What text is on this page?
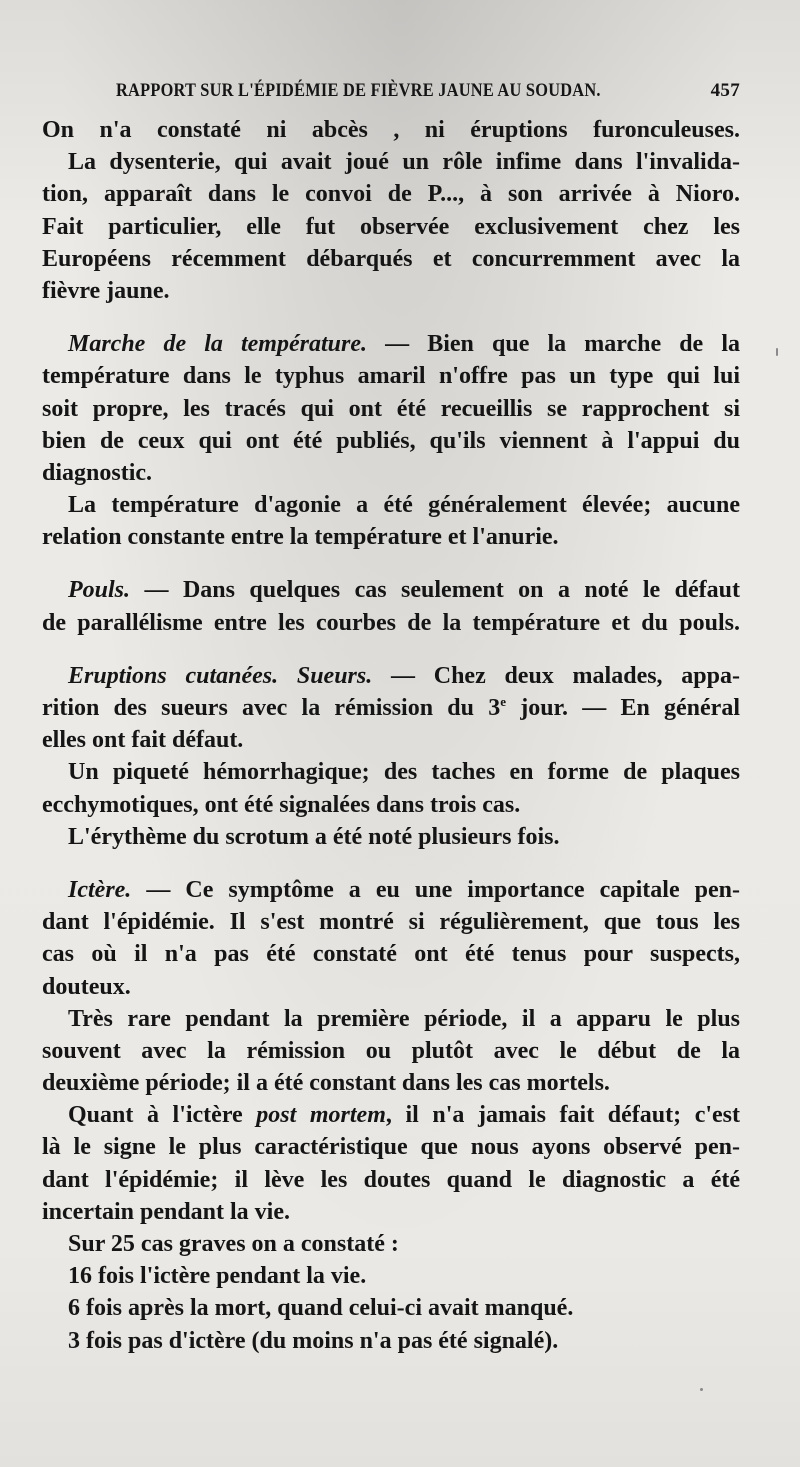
RAPPORT SUR L'ÉPIDÉMIE DE FIÈVRE JAUNE AU SOUDAN.	457
On n'a constaté ni abcès , ni éruptions furonculeuses.
La dysenterie, qui avait joué un rôle infime dans l'invalida-
tion, apparaît dans le convoi de P..., à son arrivée à Nioro.
Fait particulier, elle fut observée exclusivement chez les
Européens récemment débarqués et concurremment avec la
fièvre jaune.
Marche de la température. — Bien que la marche de la
température dans le typhus amaril n'offre pas un type qui lui
soit propre, les tracés qui ont été recueillis se rapprochent si
bien de ceux qui ont été publiés, qu'ils viennent à l'appui du
diagnostic.
La température d'agonie a été généralement élevée; aucune
relation constante entre la température et l'anurie.
Pouls. — Dans quelques cas seulement on a noté le défaut
de parallélisme entre les courbes de la température et du pouls.
Eruptions cutanées. Sueurs. — Chez deux malades, appa-
rition des sueurs avec la rémission du 3e jour. — En général
elles ont fait défaut.
Un piqueté hémorrhagique; des taches en forme de plaques
ecchymotiques, ont été signalées dans trois cas.
L'érythème du scrotum a été noté plusieurs fois.
Ictère. — Ce symptôme a eu une importance capitale pen-
dant l'épidémie. Il s'est montré si régulièrement, que tous les
cas où il n'a pas été constaté ont été tenus pour suspects,
douteux.
Très rare pendant la première période, il a apparu le plus
souvent avec la rémission ou plutôt avec le début de la
deuxième période; il a été constant dans les cas mortels.
Quant à l'ictère post mortem, il n'a jamais fait défaut; c'est
là le signe le plus caractéristique que nous ayons observé pen-
dant l'épidémie; il lève les doutes quand le diagnostic a été
incertain pendant la vie.
Sur 25 cas graves on a constaté :
16 fois l'ictère pendant la vie.
6 fois après la mort, quand celui-ci avait manqué.
3 fois pas d'ictère (du moins n'a pas été signalé).
